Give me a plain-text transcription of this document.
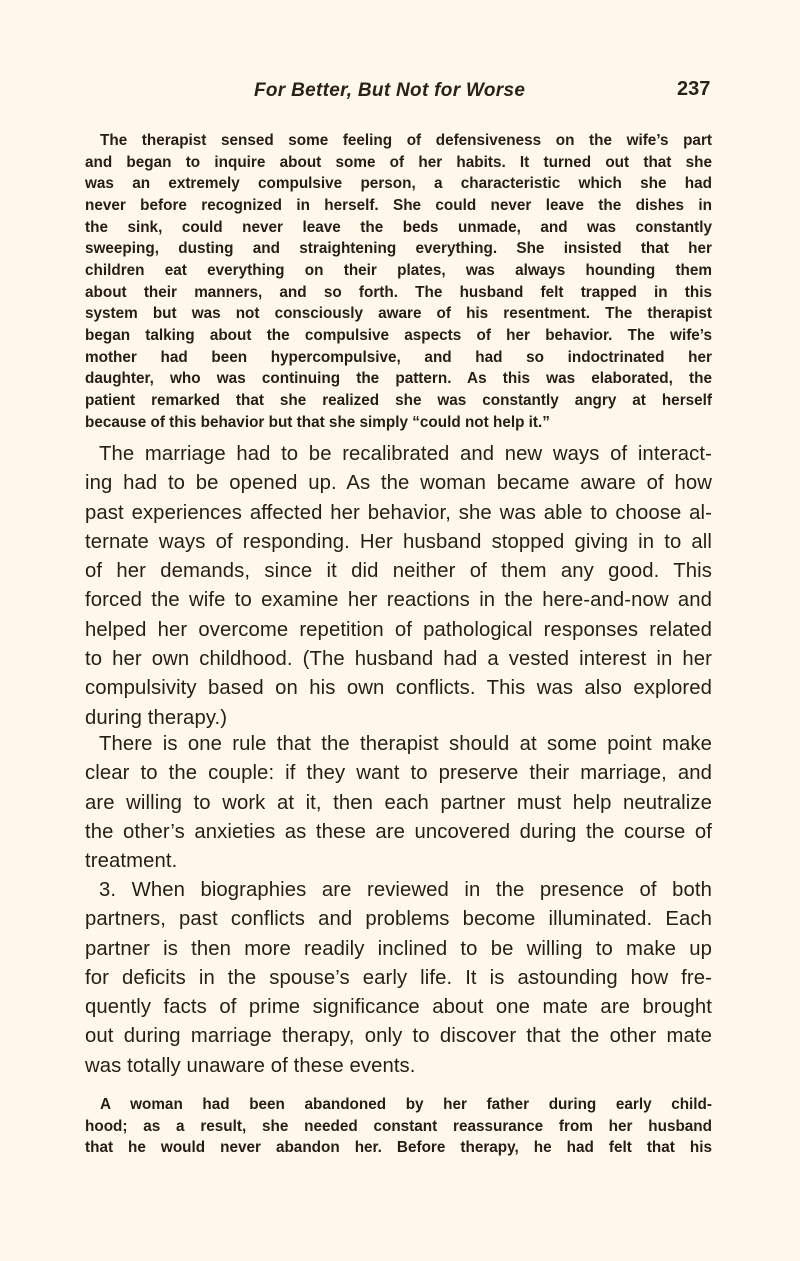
For Better, But Not for Worse	237
The therapist sensed some feeling of defensiveness on the wife’s part
and began to inquire about some of her habits. It turned out that she
was an extremely compulsive person, a characteristic which she had
never before recognized in herself. She could never leave the dishes in
the sink, could never leave the beds unmade, and was constantly
sweeping, dusting and straightening everything. She insisted that her
children eat everything on their plates, was always hounding them
about their manners, and so forth. The husband felt trapped in this
system but was not consciously aware of his resentment. The therapist
began talking about the compulsive aspects of her behavior. The wife’s
mother had been hypercompulsive, and had so indoctrinated her
daughter, who was continuing the pattern. As this was elaborated, the
patient remarked that she realized she was constantly angry at herself
because of this behavior but that she simply “could not help it.”
The marriage had to be recalibrated and new ways of interact-
ing had to be opened up. As the woman became aware of how
past experiences affected her behavior, she was able to choose al-
ternate ways of responding. Her husband stopped giving in to all
of her demands, since it did neither of them any good. This
forced the wife to examine her reactions in the here-and-now and
helped her overcome repetition of pathological responses related
to her own childhood. (The husband had a vested interest in her
compulsivity based on his own conflicts. This was also explored
during therapy.)
There is one rule that the therapist should at some point make
clear to the couple: if they want to preserve their marriage, and
are willing to work at it, then each partner must help neutralize
the other’s anxieties as these are uncovered during the course of
treatment.
3. When biographies are reviewed in the presence of both
partners, past conflicts and problems become illuminated. Each
partner is then more readily inclined to be willing to make up
for deficits in the spouse’s early life. It is astounding how fre-
quently facts of prime significance about one mate are brought
out during marriage therapy, only to discover that the other mate
was totally unaware of these events.
A woman had been abandoned by her father during early child-
hood; as a result, she needed constant reassurance from her husband
that he would never abandon her. Before therapy, he had felt that his
